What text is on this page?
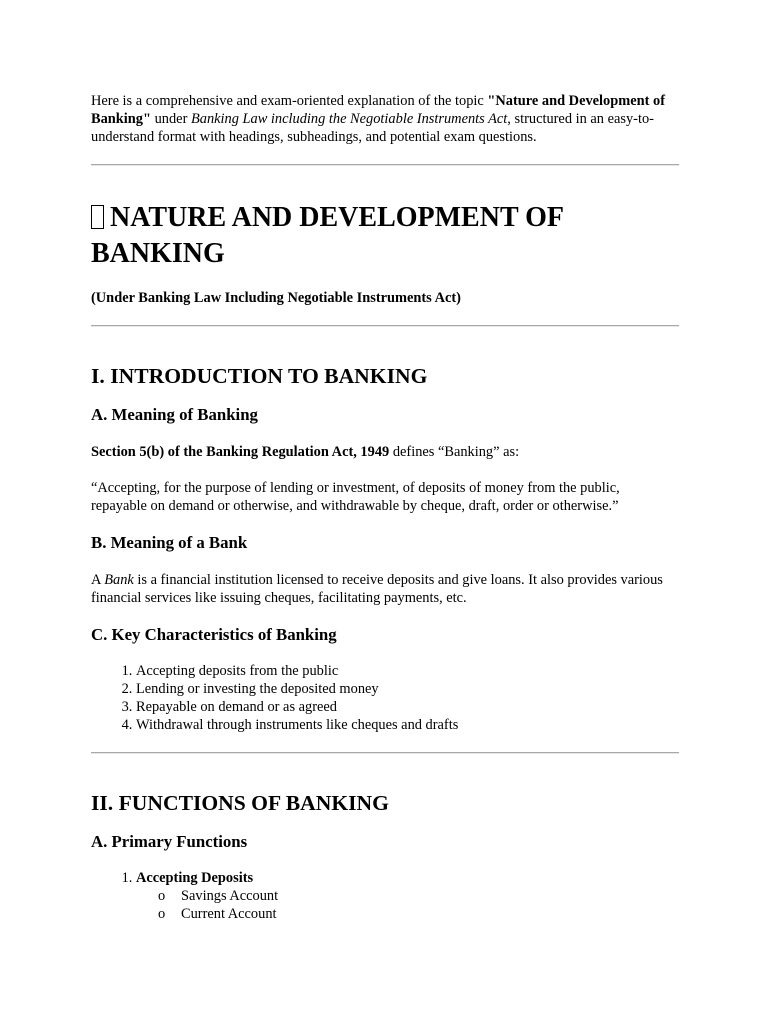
Here is a comprehensive and exam-oriented explanation of the topic "Nature and Development of Banking" under Banking Law including the Negotiable Instruments Act, structured in an easy-to-understand format with headings, subheadings, and potential exam questions.

NATURE AND DEVELOPMENT OF BANKING

(Under Banking Law Including Negotiable Instruments Act)

I. INTRODUCTION TO BANKING
A. Meaning of Banking

Section 5(b) of the Banking Regulation Act, 1949 defines “Banking” as:

“Accepting, for the purpose of lending or investment, of deposits of money from the public, repayable on demand or otherwise, and withdrawable by cheque, draft, order or otherwise.”

B. Meaning of a Bank

A Bank is a financial institution licensed to receive deposits and give loans. It also provides various financial services like issuing cheques, facilitating payments, etc.

C. Key Characteristics of Banking
1. Accepting deposits from the public
2. Lending or investing the deposited money
3. Repayable on demand or as agreed
4. Withdrawal through instruments like cheques and drafts
II. FUNCTIONS OF BANKING
A. Primary Functions
1. Accepting Deposits
o Savings Account
o Current Account
